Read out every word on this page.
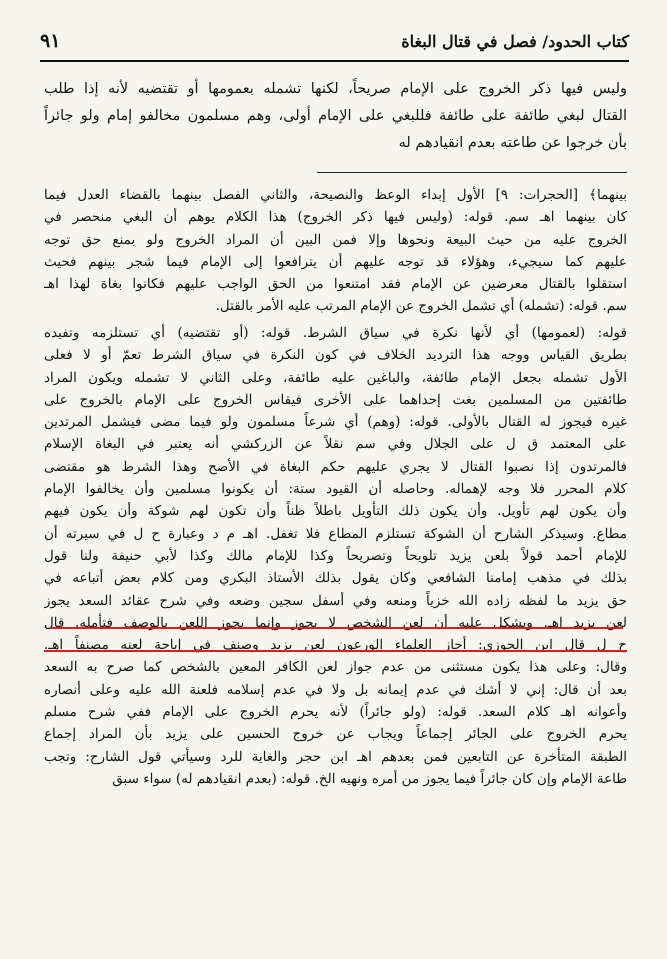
كتاب الحدود/ فصل في قتال البغاة
٩١
وليس فيها ذكر الخروج على الإمام صريحاً، لكنها تشمله بعمومها أو تقتضيه لأنه إذا طلب
القتال لبغي طائفة على طائفة فللبغي على الإمام أولى، وهم مسلمون مخالفو إمام ولو جائراً
بأن خرجوا عن طاعته بعدم انقيادهم له
بينهما﴾ [الحجرات: ٩] الأول إبداء الوعظ والنصيحة، والثاني الفصل بينهما بالقضاء العدل فيما
كان بينهما اهـ سم. قوله: (وليس فيها ذكر الخروج) هذا الكلام يوهم أن البغي منحصر في
الخروج عليه من حيث البيعة ونحوها وإلا فمن البين أن المراد الخروج ولو بمنع حق توجه
عليهم كما سيجيء، وهؤلاء قد توجه عليهم أن يترافعوا إلى الإمام فيما شجر بينهم فحيث
استقلوا بالقتال معرضين عن الإمام فقد امتنعوا من الحق الواجب عليهم فكانوا بغاة لهذا اهـ
سم. قوله: (تشمله) أي تشمل الخروج عن الإمام المرتب عليه الأمر بالقتل.
قوله: (لعمومها) أي لأنها نكرة في سياق الشرط. قوله: (أو تقتضيه) أي تستلزمه وتفيده
بطريق القياس ووجه هذا الترديد الخلاف في كون النكرة في سياق الشرط تعمّ أو لا فعلى
الأول تشمله بجعل الإمام طائفة، والباغين عليه طائفة، وعلى الثاني لا تشمله ويكون المراد
طائفتين من المسلمين بغت إحداهما على الأخرى فيقاس الخروج على الإمام بالخروج على
غيره فيجوز له القتال بالأولى. قوله: (وهم) أي شرعاً مسلمون ولو فيما مضى فيشمل المرتدين
على المعتمد ق ل على الجلال وفي سم نقلاً عن الزركشي أنه يعتبر في البغاة الإسلام
فالمرتدون إذا نصبوا القتال لا يجري عليهم حكم البغاة في الأصح وهذا الشرط هو مقتضى
كلام المحرر فلا وجه لإهماله. وحاصله أن القيود ستة: أن يكونوا مسلمين وأن يخالفوا الإمام
وأن يكون لهم تأويل. وأن يكون ذلك التأويل باطلاً ظناً وأن تكون لهم شوكة وأن يكون فيهم
مطاع. وسيذكر الشارح أن الشوكة تستلزم المطاع فلا تغفل. اهـ م د وعبارة ح ل في سيرته أن
للإمام أحمد قولاً بلعن يزيد تلويحاً وتصريحاً وكذا للإمام مالك وكذا لأبي حنيفة ولنا قول
بذلك في مذهب إمامنا الشافعي وكان يقول بذلك الأستاذ البكري ومن كلام بعض أتباعه في
حق يزيد ما لفظه زاده الله خزياً ومنعه وفي أسفل سجين وضعه وفي شرح عقائد السعد يجوز
لعن يزيد اهـ. ويشكل عليه أن لعن الشخص لا يجوز وإنما يجوز اللعن بالوصف فتأمله. قال
ح ل قال ابن الجوزي: أجاز العلماء الورعون لعن يزيد وصنف في إباحة لعنه مصنفاً اهـ.
وقال: وعلى هذا يكون مستثنى من عدم جواز لعن الكافر المعين بالشخص كما صرح به السعد
بعد أن قال: إني لا أشك في عدم إيمانه بل ولا في عدم إسلامه فلعنة الله عليه وعلى أنصاره
وأعوانه اهـ كلام السعد. قوله: (ولو جائراً) لأنه يحرم الخروج على الإمام ففي شرح مسلم
يحرم الخروج على الجائر إجماعاً ويجاب عن خروج الحسين على يزيد بأن المراد إجماع
الطبقة المتأخرة عن التابعين فمن بعدهم اهـ ابن حجر والغاية للرد وسيأتي قول الشارح: وتجب
طاعة الإمام وإن كان جائراً فيما يجوز من أمره ونهيه الخ. قوله: (بعدم انقيادهم له) سواء سبق
